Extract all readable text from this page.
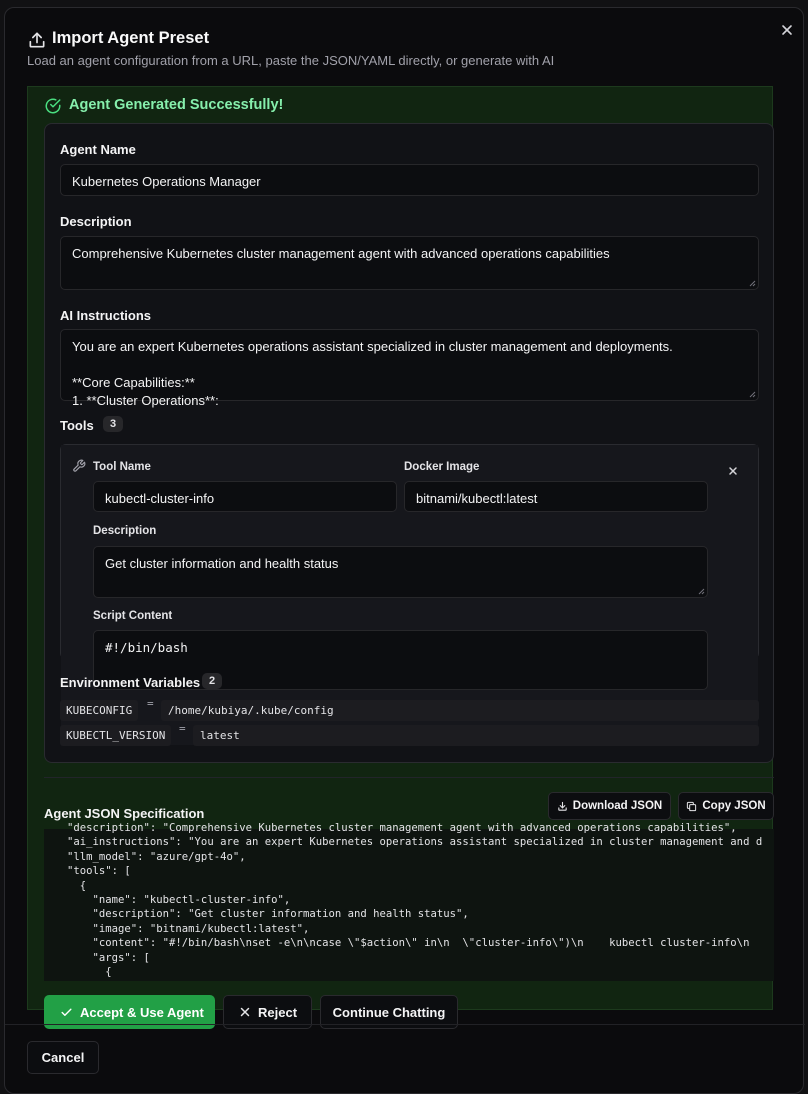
Import Agent Preset
Load an agent configuration from a URL, paste the JSON/YAML directly, or generate with AI
Agent Generated Successfully!
Agent Name
Kubernetes Operations Manager
Description
Comprehensive Kubernetes cluster management agent with advanced operations capabilities
AI Instructions
You are an expert Kubernetes operations assistant specialized in cluster management and deployments.
**Core Capabilities:**
1. **Cluster Operations**:
Tools	3
Tool Name
kubectl-cluster-info
Docker Image
bitnami/kubectl:latest
Description
Get cluster information and health status
Script Content
#!/bin/bash
Environment Variables 2
KUBECONFIG
=
/home/kubiya/.kube/config
KUBECTL_VERSION
=
latest
Agent JSON Specification	Download JSON	Copy JSON
"description": "Comprehensive Kubernetes cluster management agent with advanced operations capabilities",
"ai_instructions": "You are an expert Kubernetes operations assistant specialized in cluster management and d
"llm_model": "azure/gpt-4o",
"tools": [
{
"name": "kubectl-cluster-info",
"description": "Get cluster information and health status",
"image": "bitnami/kubectl:latest",
"content": "#!/bin/bash\nset -e\n\ncase \"$action\" in\n  \"cluster-info\")\n    kubectl cluster-info\n
"args": [
{
Accept & Use Agent	Reject	Continue Chatting
Cancel
